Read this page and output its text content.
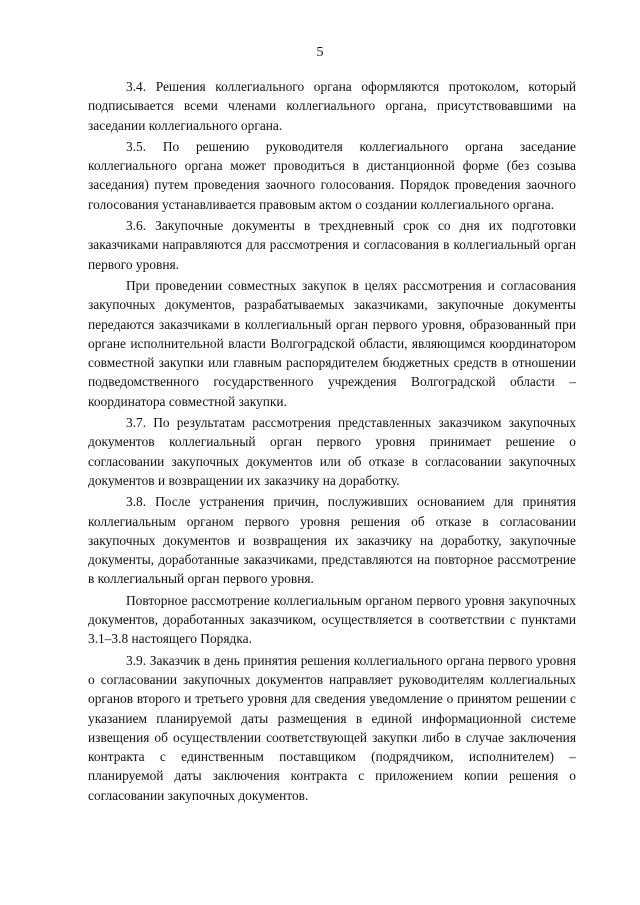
5

3.4. Решения коллегиального органа оформляются протоколом, который подписывается всеми членами коллегиального органа, присутствовавшими на заседании коллегиального органа.

3.5. По решению руководителя коллегиального органа заседание коллегиального органа может проводиться в дистанционной форме (без созыва заседания) путем проведения заочного голосования. Порядок проведения заочного голосования устанавливается правовым актом о создании коллегиального органа.

3.6. Закупочные документы в трехдневный срок со дня их подготовки заказчиками направляются для рассмотрения и согласования в коллегиальный орган первого уровня.

При проведении совместных закупок в целях рассмотрения и согласования закупочных документов, разрабатываемых заказчиками, закупочные документы передаются заказчиками в коллегиальный орган первого уровня, образованный при органе исполнительной власти Волгоградской области, являющимся координатором совместной закупки или главным распорядителем бюджетных средств в отношении подведомственного государственного учреждения Волгоградской области – координатора совместной закупки.

3.7. По результатам рассмотрения представленных заказчиком закупочных документов коллегиальный орган первого уровня принимает решение о согласовании закупочных документов или об отказе в согласовании закупочных документов и возвращении их заказчику на доработку.

3.8. После устранения причин, послуживших основанием для принятия коллегиальным органом первого уровня решения об отказе в согласовании закупочных документов и возвращения их заказчику на доработку, закупочные документы, доработанные заказчиками, представляются на повторное рассмотрение в коллегиальный орган первого уровня.

Повторное рассмотрение коллегиальным органом первого уровня закупочных документов, доработанных заказчиком, осуществляется в соответствии с пунктами 3.1–3.8 настоящего Порядка.

3.9. Заказчик в день принятия решения коллегиального органа первого уровня о согласовании закупочных документов направляет руководителям коллегиальных органов второго и третьего уровня для сведения уведомление о принятом решении с указанием планируемой даты размещения в единой информационной системе извещения об осуществлении соответствующей закупки либо в случае заключения контракта с единственным поставщиком (подрядчиком, исполнителем) – планируемой даты заключения контракта с приложением копии решения о согласовании закупочных документов.
